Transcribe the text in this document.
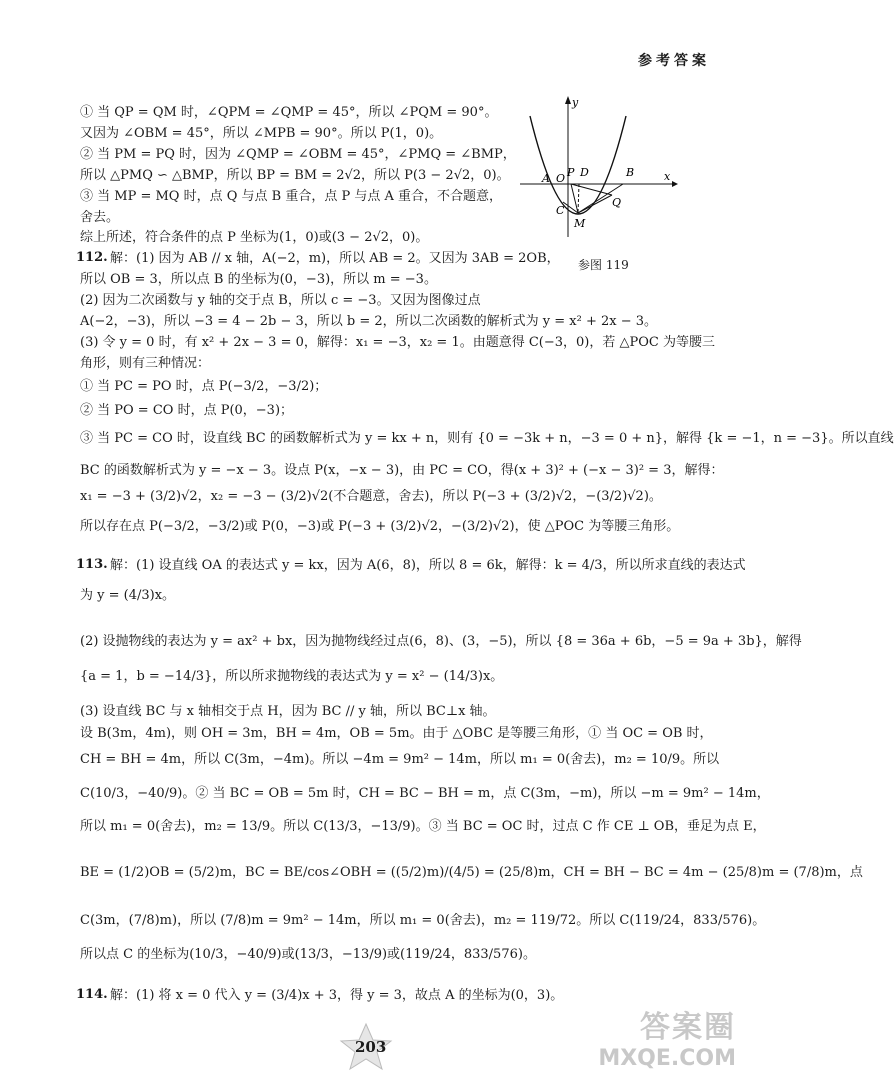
参考答案
y
x
O
A P D	B
C
Q
M
参图 119
112.
113.
114.
① 当 QP = QM 时，∠QPM = ∠QMP = 45°，所以 ∠PQM = 90°。
又因为 ∠OBM = 45°，所以 ∠MPB = 90°。所以 P(1，0)。
② 当 PM = PQ 时，因为 ∠QMP = ∠OBM = 45°，∠PMQ = ∠BMP，
所以 △PMQ ∽ △BMP，所以 BP = BM = 2√2，所以 P(3 − 2√2，0)。
③ 当 MP = MQ 时，点 Q 与点 B 重合，点 P 与点 A 重合，不合题意，
舍去。
综上所述，符合条件的点 P 坐标为(1，0)或(3 − 2√2，0)。
解：(1) 因为 AB // x 轴，A(−2，m)，所以 AB = 2。又因为 3AB = 2OB，
所以 OB = 3，所以点 B 的坐标为(0，−3)，所以 m = −3。
(2) 因为二次函数与 y 轴的交于点 B，所以 c = −3。又因为图像过点
A(−2，−3)，所以 −3 = 4 − 2b − 3，所以 b = 2，所以二次函数的解析式为 y = x² + 2x − 3。
(3) 令 y = 0 时，有 x² + 2x − 3 = 0，解得：x₁ = −3，x₂ = 1。由题意得 C(−3，0)，若 △POC 为等腰三
角形，则有三种情况：
① 当 PC = PO 时，点 P(−3/2，−3/2)；
② 当 PO = CO 时，点 P(0，−3)；
③ 当 PC = CO 时，设直线 BC 的函数解析式为 y = kx + n，则有 {0 = −3k + n，−3 = 0 + n}，解得 {k = −1，n = −3}。所以直线
BC 的函数解析式为 y = −x − 3。设点 P(x，−x − 3)，由 PC = CO，得(x + 3)² + (−x − 3)² = 3，解得：
x₁ = −3 + (3/2)√2，x₂ = −3 − (3/2)√2(不合题意，舍去)，所以 P(−3 + (3/2)√2，−(3/2)√2)。
所以存在点 P(−3/2，−3/2)或 P(0，−3)或 P(−3 + (3/2)√2，−(3/2)√2)，使 △POC 为等腰三角形。
解：(1) 设直线 OA 的表达式 y = kx，因为 A(6，8)，所以 8 = 6k，解得：k = 4/3，所以所求直线的表达式
为 y = (4/3)x。
(2) 设抛物线的表达为 y = ax² + bx，因为抛物线经过点(6，8)、(3，−5)，所以 {8 = 36a + 6b，−5 = 9a + 3b}，解得
{a = 1，b = −14/3}，所以所求抛物线的表达式为 y = x² − (14/3)x。
(3) 设直线 BC 与 x 轴相交于点 H，因为 BC // y 轴，所以 BC⊥x 轴。
设 B(3m，4m)，则 OH = 3m，BH = 4m，OB = 5m。由于 △OBC 是等腰三角形，① 当 OC = OB 时，
CH = BH = 4m，所以 C(3m，−4m)。所以 −4m = 9m² − 14m，所以 m₁ = 0(舍去)，m₂ = 10/9。所以
C(10/3，−40/9)。② 当 BC = OB = 5m 时，CH = BC − BH = m，点 C(3m，−m)，所以 −m = 9m² − 14m，
所以 m₁ = 0(舍去)，m₂ = 13/9。所以 C(13/3，−13/9)。③ 当 BC = OC 时，过点 C 作 CE ⊥ OB，垂足为点 E，
BE = (1/2)OB = (5/2)m，BC = BE/cos∠OBH = ((5/2)m)/(4/5) = (25/8)m，CH = BH − BC = 4m − (25/8)m = (7/8)m，点
C(3m，(7/8)m)，所以 (7/8)m = 9m² − 14m，所以 m₁ = 0(舍去)，m₂ = 119/72。所以 C(119/24，833/576)。
所以点 C 的坐标为(10/3，−40/9)或(13/3，−13/9)或(119/24，833/576)。
解：(1) 将 x = 0 代入 y = (3/4)x + 3，得 y = 3，故点 A 的坐标为(0，3)。
203
答案圈
MXQE.COM
